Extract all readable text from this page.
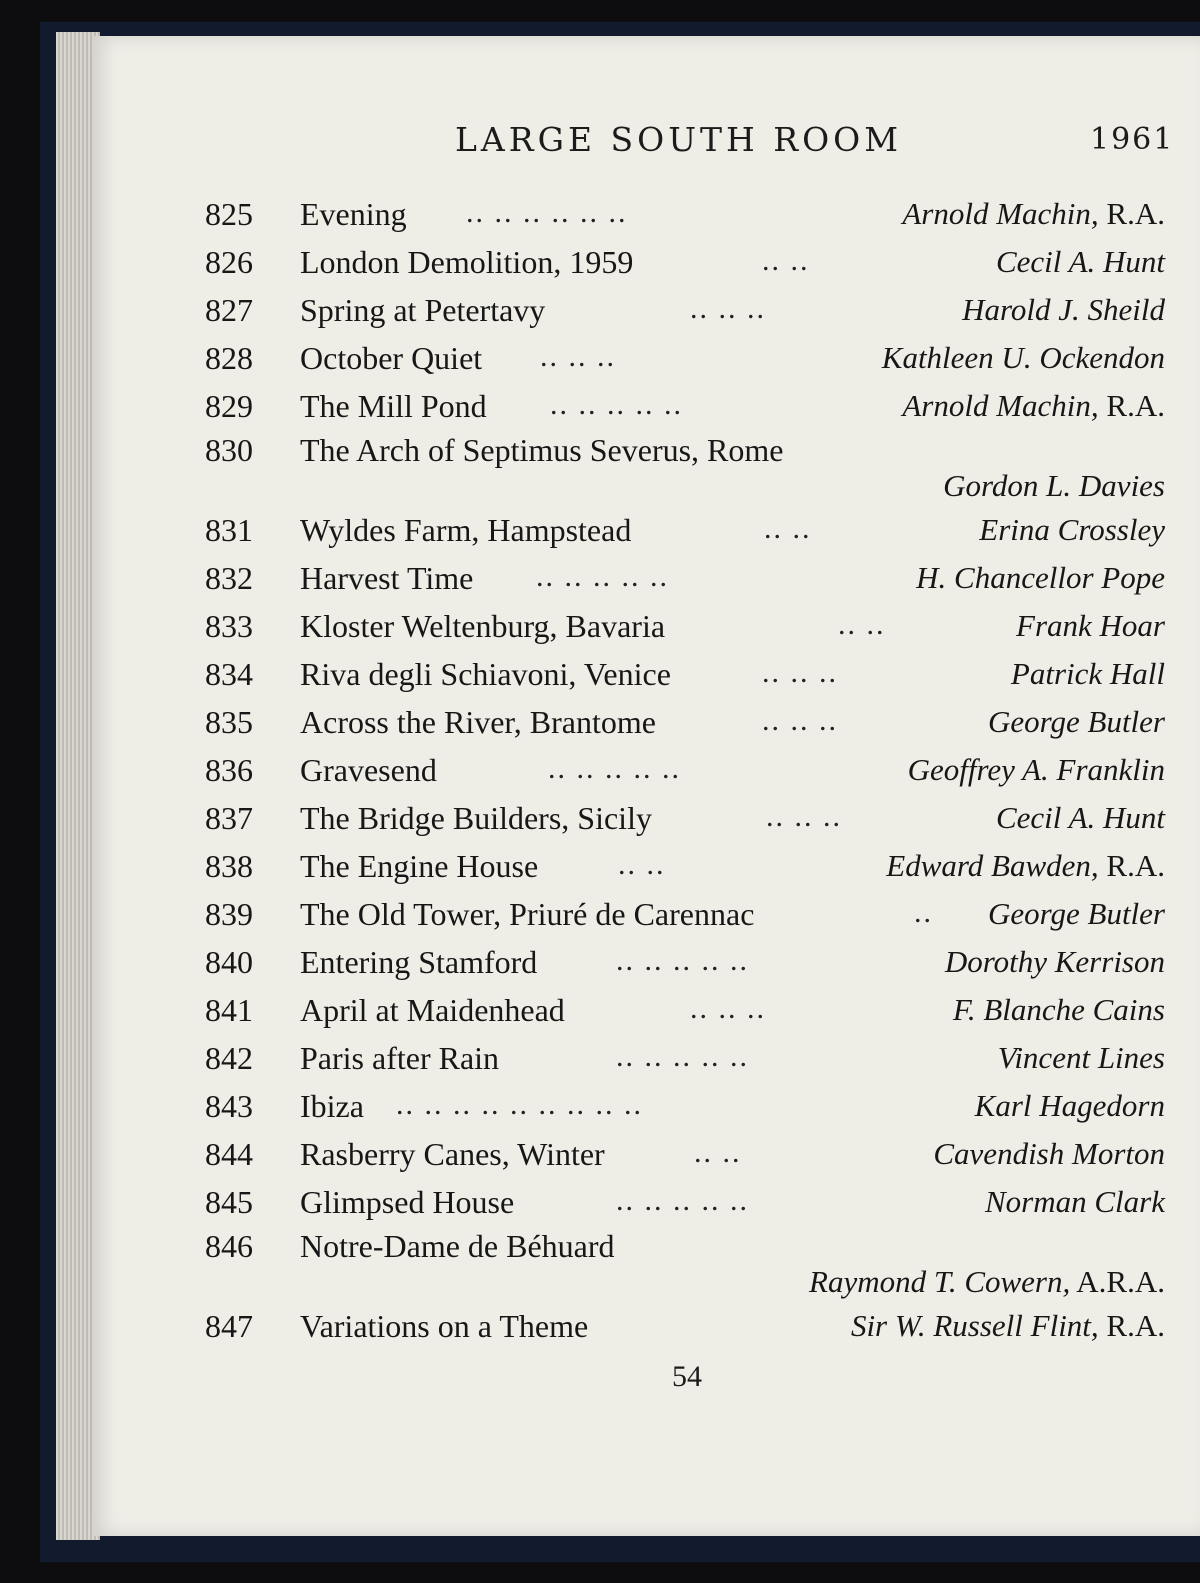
LARGE SOUTH ROOM	1961
825	Evening	.. .. .. .. .. ..	Arnold Machin, R.A.
826	London Demolition, 1959	.. ..	Cecil A. Hunt
827	Spring at Petertavy	.. .. ..	Harold J. Sheild
828	October Quiet	.. .. ..	Kathleen U. Ockendon
829	The Mill Pond	.. .. .. .. ..	Arnold Machin, R.A.
830	The Arch of Septimus Severus, Rome
Gordon L. Davies
831	Wyldes Farm, Hampstead	.. ..	Erina Crossley
832	Harvest Time	.. .. .. .. ..	H. Chancellor Pope
833	Kloster Weltenburg, Bavaria	.. ..	Frank Hoar
834	Riva degli Schiavoni, Venice	.. .. ..	Patrick Hall
835	Across the River, Brantome	.. .. ..	George Butler
836	Gravesend	.. .. .. .. ..	Geoffrey A. Franklin
837	The Bridge Builders, Sicily	.. .. ..	Cecil A. Hunt
838	The Engine House	.. ..	Edward Bawden, R.A.
839	The Old Tower, Priuré de Carennac	.. George Butler
840	Entering Stamford	.. .. .. .. ..	Dorothy Kerrison
841	April at Maidenhead	.. .. ..	F. Blanche Cains
842	Paris after Rain	.. .. .. .. ..	Vincent Lines
843	Ibiza	.. .. .. .. .. .. .. .. ..	Karl Hagedorn
844	Rasberry Canes, Winter	.. ..	Cavendish Morton
845	Glimpsed House	.. .. .. .. ..	Norman Clark
846	Notre-Dame de Béhuard
Raymond T. Cowern, A.R.A.
847	Variations on a Theme	Sir W. Russell Flint, R.A.
54
